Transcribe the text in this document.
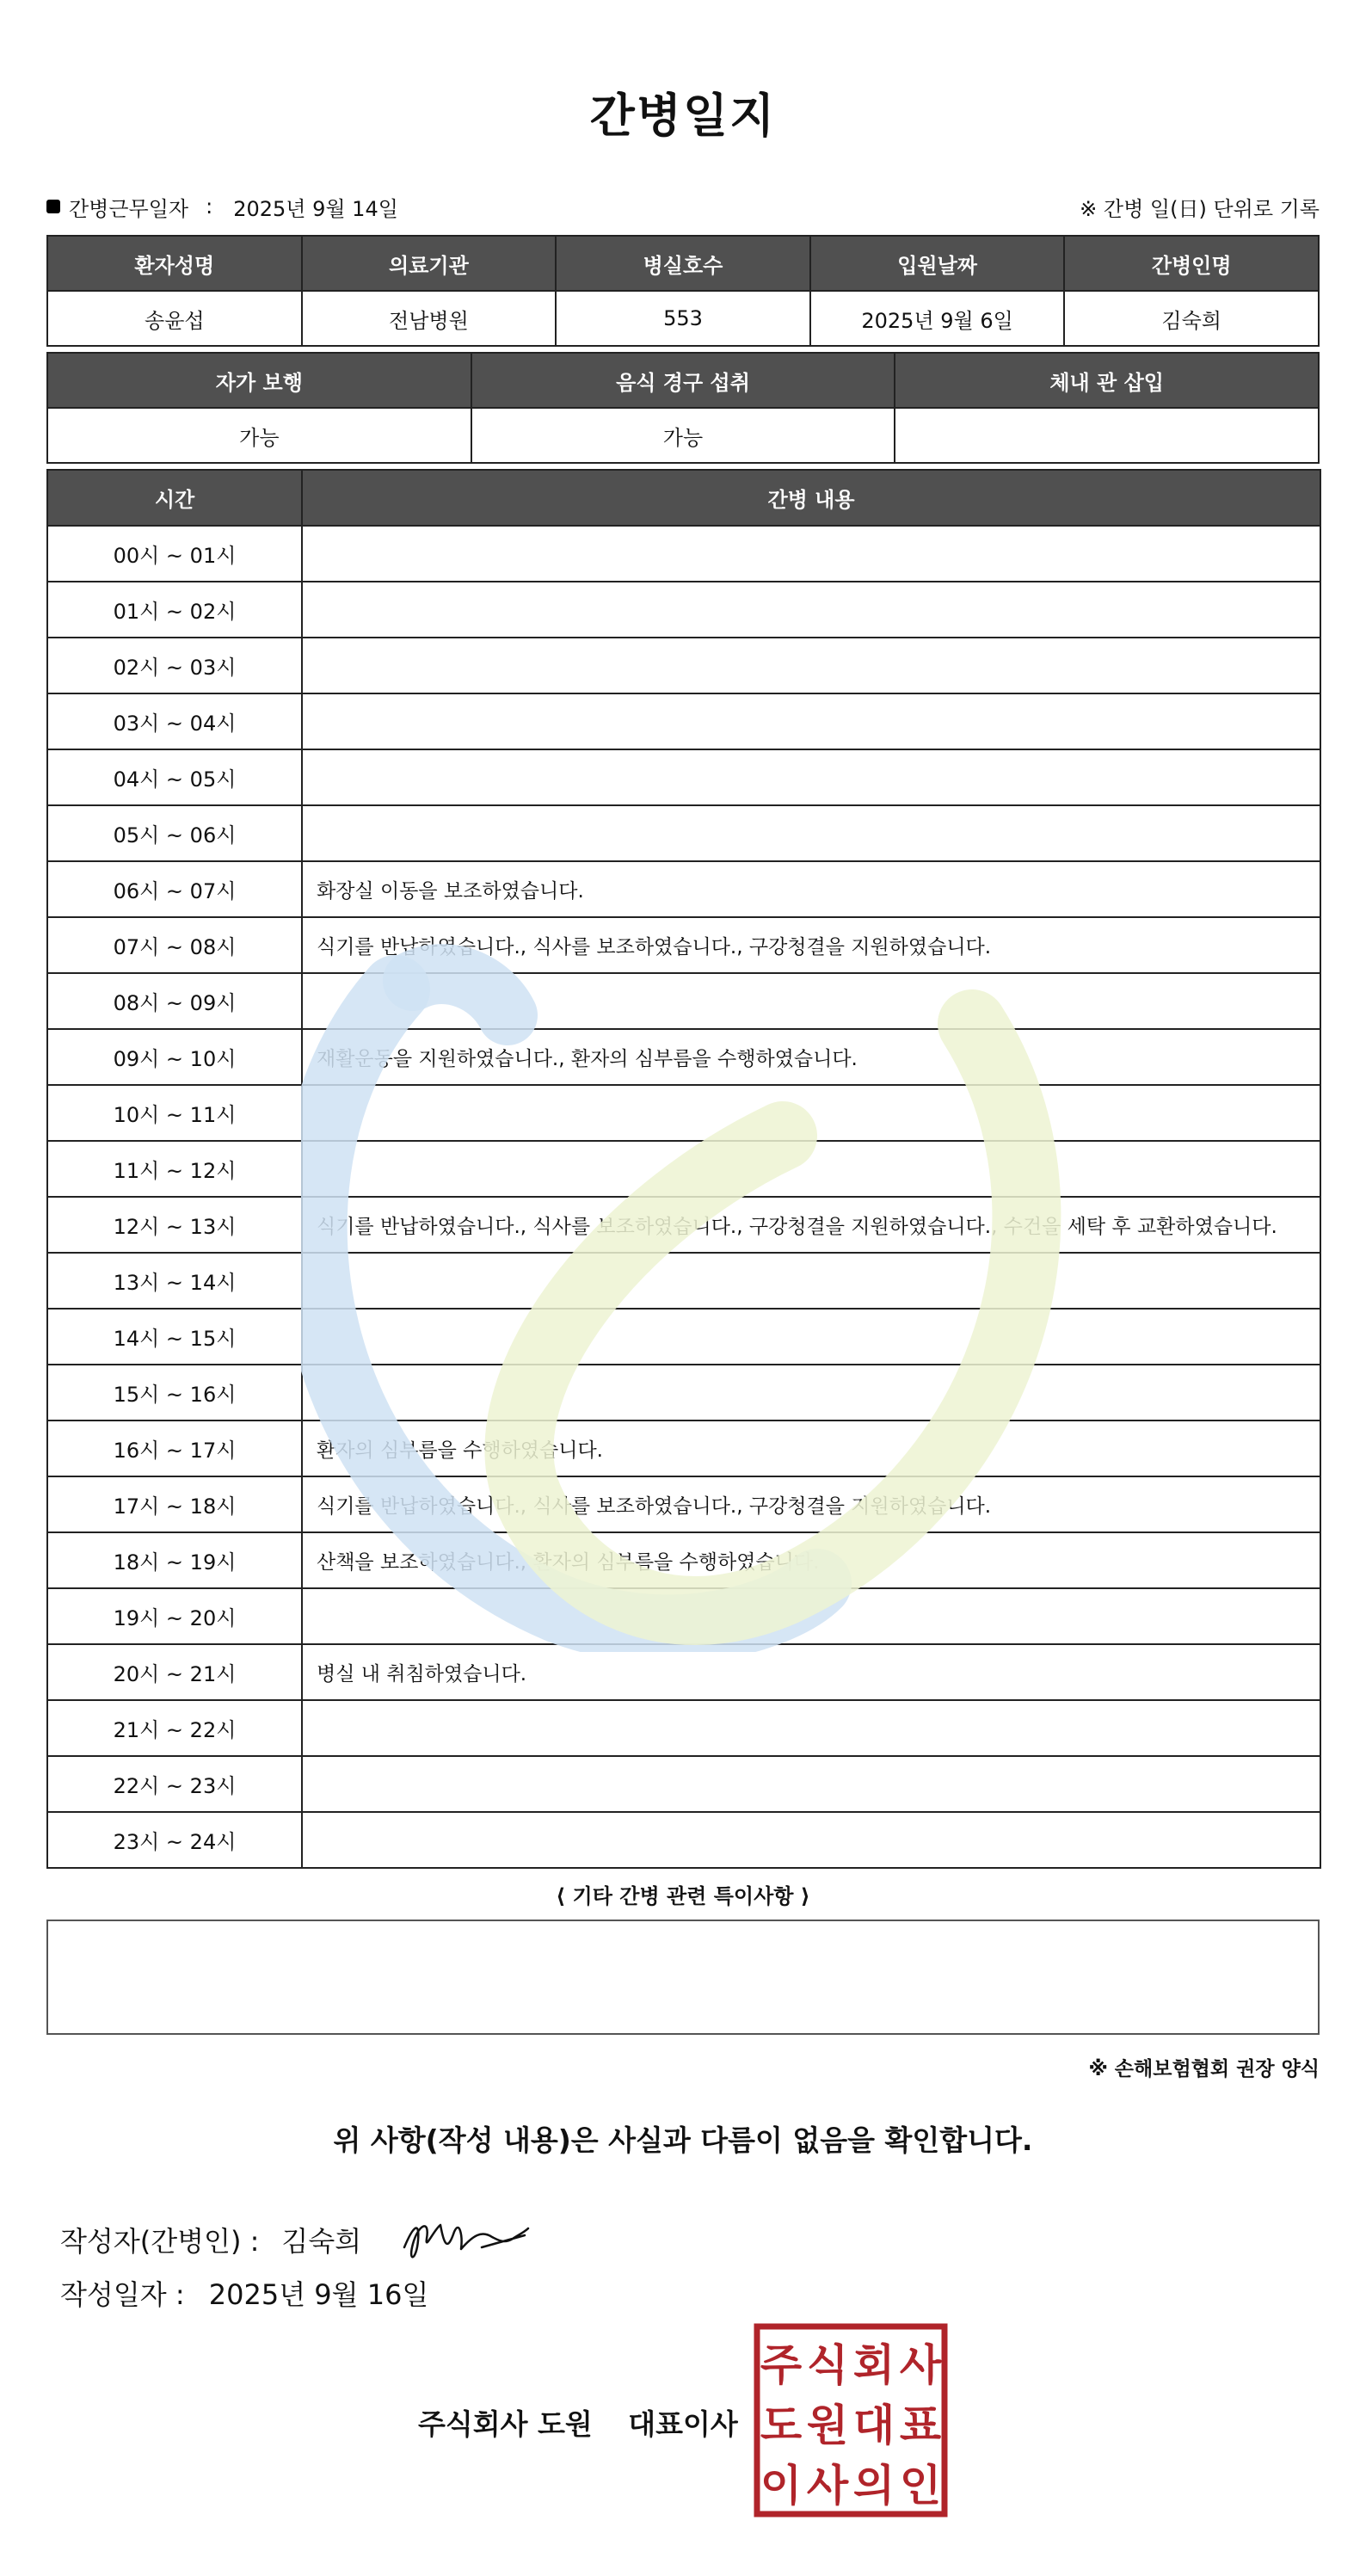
간병일지
간병근무일자 : 2025년 9월 14일	※ 간병 일(日) 단위로 기록
환자성명	의료기관	병실호수	입원날짜	간병인명
송윤섭	전남병원	553	2025년 9월 6일	김숙희
자가 보행	음식 경구 섭취	체내 관 삽입
가능	가능	
시간	간병 내용
00시 ~ 01시	
01시 ~ 02시	
02시 ~ 03시	
03시 ~ 04시	
04시 ~ 05시	
05시 ~ 06시	
06시 ~ 07시	화장실 이동을 보조하였습니다.
07시 ~ 08시	식기를 반납하였습니다., 식사를 보조하였습니다., 구강청결을 지원하였습니다.
08시 ~ 09시	
09시 ~ 10시	재활운동을 지원하였습니다., 환자의 심부름을 수행하였습니다.
10시 ~ 11시	
11시 ~ 12시	
12시 ~ 13시	식기를 반납하였습니다., 식사를 보조하였습니다., 구강청결을 지원하였습니다., 수건을 세탁 후 교환하였습니다.
13시 ~ 14시	
14시 ~ 15시	
15시 ~ 16시	
16시 ~ 17시	환자의 심부름을 수행하였습니다.
17시 ~ 18시	식기를 반납하였습니다., 식사를 보조하였습니다., 구강청결을 지원하였습니다.
18시 ~ 19시	산책을 보조하였습니다., 환자의 심부름을 수행하였습니다.
19시 ~ 20시	
20시 ~ 21시	병실 내 취침하였습니다.
21시 ~ 22시	
22시 ~ 23시	
23시 ~ 24시	
⟨ 기타 간병 관련 특이사항 ⟩
※ 손해보험협회 권장 양식
위 사항(작성 내용)은 사실과 다름이 없음을 확인합니다.
작성자(간병인) : 김숙희
작성일자 : 2025년 9월 16일
주식회사 도원 대표이사
주 식 회 사
도 원 대 표
이 사 의 인
